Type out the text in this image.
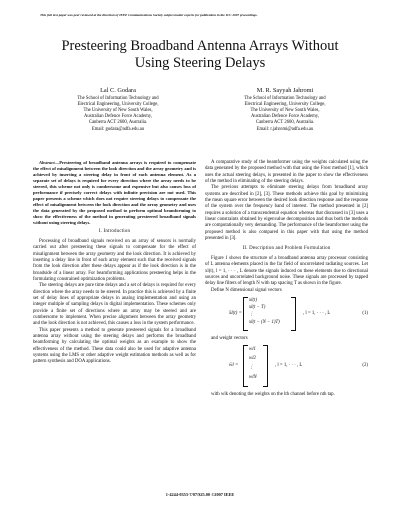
This full text paper was peer reviewed at the direction of IEEE Communications Society subject matter experts for publication in the ICC 2007 proceedings.
Presteering Broadband Antenna Arrays Without
Using Steering Delays
Lal C. Godara
The School of Information Technology and
Electrical Engineering, University College,
The University of New South Wales,
Australian Defence Force Academy,
Canberra ACT 2600, Australia.
Email: godara@adfa.edu.au
M. R. Sayyah Jahromi
The School of Information Technology and
Electrical Engineering, University College,
The University of New South Wales,
Australian Defence Force Academy,
Canberra ACT 2600, Australia.
Email: r.jahromi@adfa.edu.au

Abstract—Presteering of broadband antenna arrays is required to compensate the effect of misalignment between the look direction and the array geometry and is achieved by inserting a steering delay in front of each antenna element. As a separate set of delays is required for every direction where the array needs to be steered, this scheme not only is cumbersome and expensive but also causes loss of performance if precisely correct delays with infinite precision are not used. This paper presents a scheme which does not require steering delays to compensate the effect of misalignment between the look direction and the array geometry and uses the data generated by the proposed method to perform optimal beamforming to show the effectiveness of the method in generating presteered broadband signals without using steering delays.

I. Introduction

Processing of broadband signals received on an array of sensors is normally carried out after presteering these signals to compensate for the effect of misalignment between the array geometry and the look direction. It is achieved by inserting a delay line in front of each array element such that the received signals from the look direction after these delays appear as if the look direction is in the broadside of a linear array. For beamforming applications presteering helps in the formulating constrained optimization problems.

The steering delays are pure time delays and a set of delays is required for every direction where the array needs to be steered. In practice this is achieved by a finite set of delay lines of appropriate delays in analog implementation and using an integer multiple of sampling delays in digital implementation. These schemes only provide a finite set of directions where an array may be steered and are cumbersome to implement. When precise alignment between the array geometry and the look direction is not achieved, this causes a loss in the system performance.

This paper presents a method to generate presteered signals for a broadband antenna array without using the steering delays and performs the broadband beamforming by calculating the optimal weights as an example to show the effectiveness of the method. These data could also be used for adaptive antenna systems using the LMS or other adaptive weight estimation methods as well as for pattern synthesis and DOA applications.

A comparative study of the beamformer using the weights calculated using the data generated by the proposed method with that using the Frost method [1], which uses the actual steering delays, is presented in the paper to show the effectiveness of the method in eliminating of the steering delays.

The previous attempts to eliminate steering delays from broadband array systems are described in [2], [3]. These methods achieve this goal by minimizing the mean square error between the desired look direction response and the response of the system over the frequency band of interest. The method presented in [2] requires a solution of a transcendental equation whereas that discussed in [3] uses a linear constraints obtained by eigenvalue decomposition and thus both the methods are computationally very demanding. The performance of the beamformer using the proposed method is also compared in this paper with that using the method presented in [3].

II. Description and Problem Formulation

Figure 1 shows the structure of a broadband antenna array processor consisting of L antenna elements placed in the far field of uncorrelated radiating sources. Let xl(t), l = 1, · · · , L denote the signals induced on these elements due to directional sources and uncorrelated background noise. These signals are processed by tapped delay line filters of length N with tap spacing T as shown in the figure.

Define N dimensional signal vectors

x̄l(t) =
xl(t)
xl(t − T)
⋮
xl(t − (N − 1)T)
, l = 1, · · · , L	(1)

and weight vectors

w̄l =
wl1
wl2
⋮
wlN
, l = 1, · · · , L	(2)

with wlk denoting the weights on the lth channel before nth tap.

1-4244-0353-7/07/$25.00 ©2007 IEEE
